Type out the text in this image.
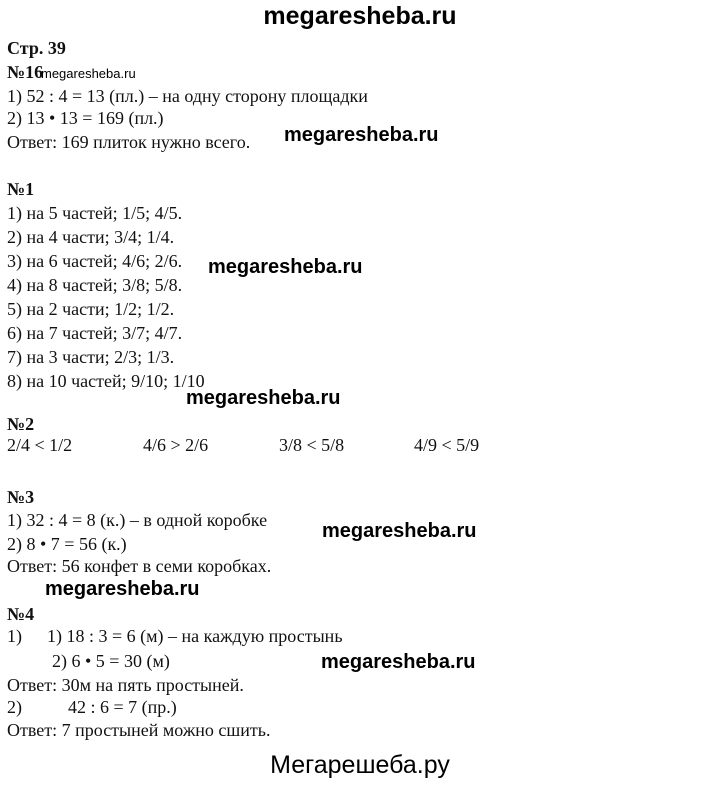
megaresheba.ru
Стр. 39
№16
megaresheba.ru
1) 52 : 4 = 13 (пл.) – на одну сторону площадки
2) 13 • 13 = 169 (пл.)
Ответ: 169 плиток нужно всего. megaresheba.ru
№1
1) на 5 частей; 1/5; 4/5.
2) на 4 части; 3/4; 1/4.
3) на 6 частей; 4/6; 2/6. megaresheba.ru
4) на 8 частей; 3/8; 5/8.
5) на 2 части; 1/2; 1/2.
6) на 7 частей; 3/7; 4/7.
7) на 3 части; 2/3; 1/3.
8) на 10 частей; 9/10; 1/10
megaresheba.ru
№2
2/4 < 1/2	4/6 > 2/6	3/8 < 5/8	4/9 < 5/9
№3
1) 32 : 4 = 8 (к.) – в одной коробке	megaresheba.ru
2) 8 • 7 = 56 (к.)
Ответ: 56 конфет в семи коробках.
megaresheba.ru
№4
1) 1) 18 : 3 = 6 (м) – на каждую простынь
2) 6 • 5 = 30 (м)	megaresheba.ru
Ответ: 30м на пять простыней.
2)	42 : 6 = 7 (пр.)
Ответ: 7 простыней можно сшить.
Мегарешеба.ру
